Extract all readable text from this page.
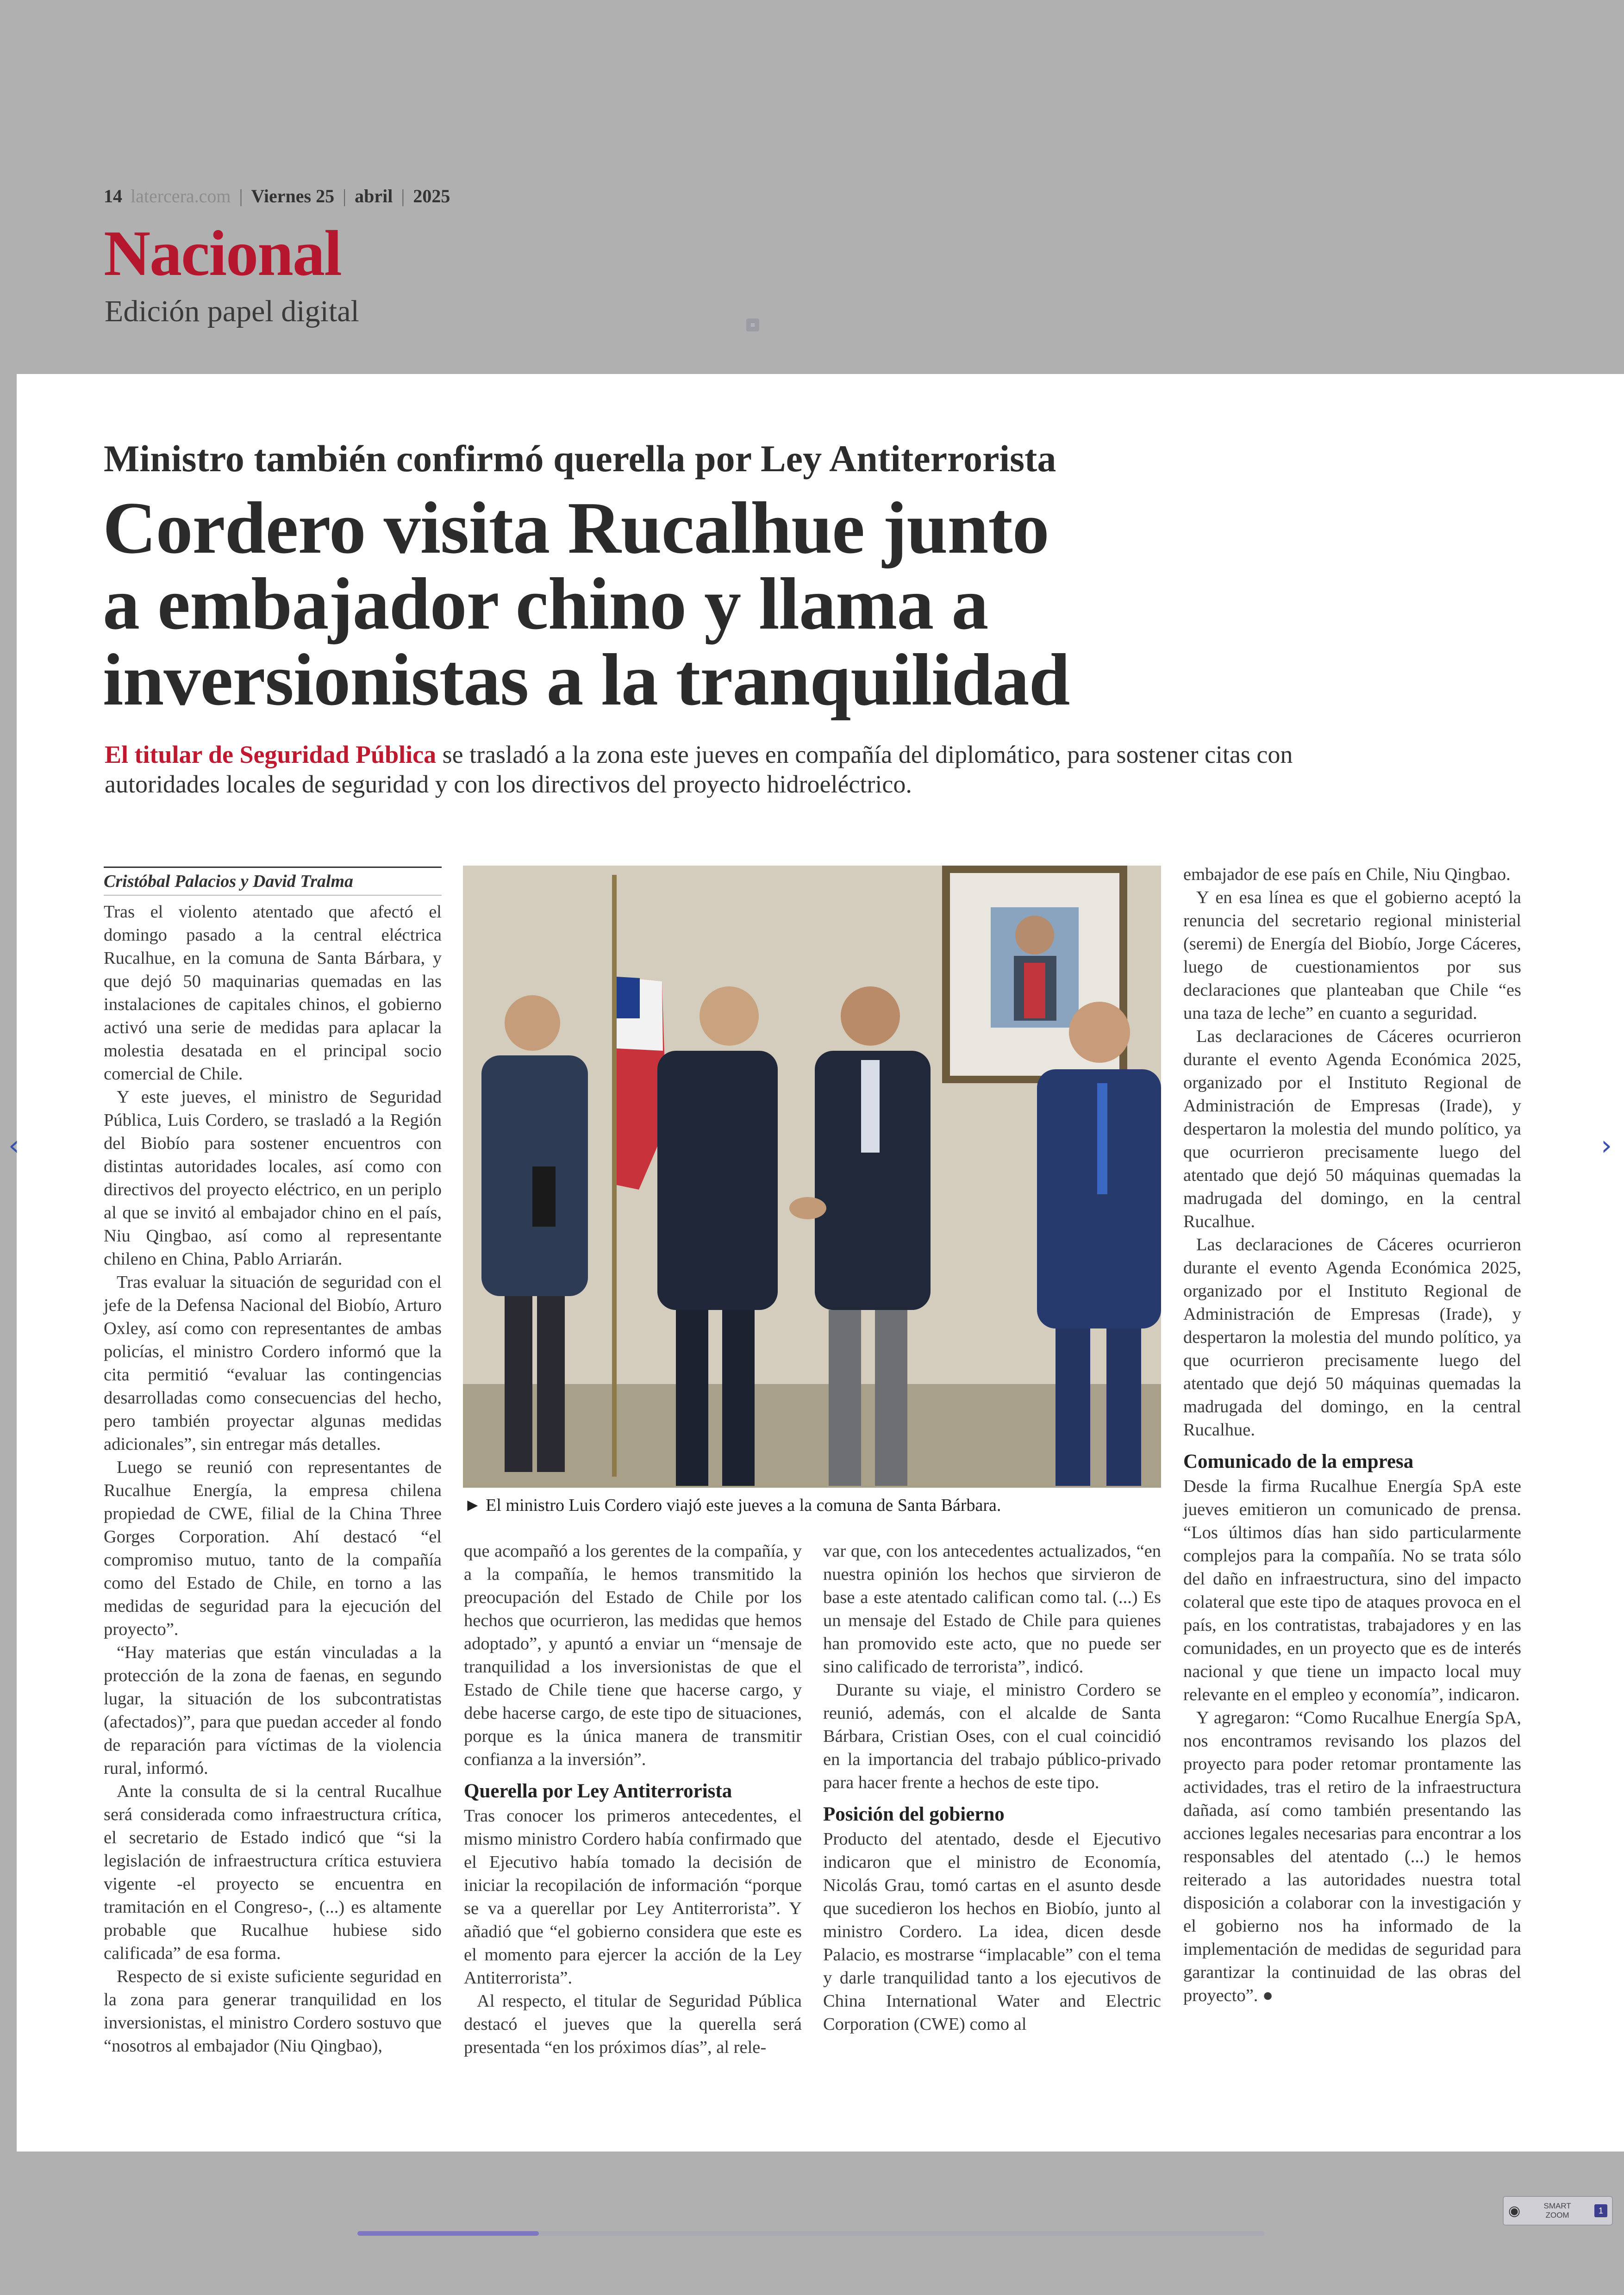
14 latercera.com | Viernes 25 | abril | 2025
Nacional
Edición papel digital	≡
Ministro también confirmó querella por Ley Antiterrorista
Cordero visita Rucalhue junto
a embajador chino y llama a
inversionistas a la tranquilidad
El titular de Seguridad Pública se trasladó a la zona este jueves en compañía del diplomático, para sostener citas con autoridades locales de seguridad y con los directivos del proyecto hidroeléctrico.
Cristóbal Palacios y David Tralma

Tras el violento atentado que afectó el domingo pasado a la central eléctrica Rucalhue, en la comuna de Santa Bárbara, y que dejó 50 maquinarias quemadas en las instalaciones de capitales chinos, el gobierno activó una serie de medidas para aplacar la molestia desatada en el principal socio comercial de Chile.

Y este jueves, el ministro de Seguridad Pública, Luis Cordero, se trasladó a la Región del Biobío para sostener encuentros con distintas autoridades locales, así como con directivos del proyecto eléctrico, en un periplo al que se invitó al embajador chino en el país, Niu Qingbao, así como al representante chileno en China, Pablo Arriarán.

Tras evaluar la situación de seguridad con el jefe de la Defensa Nacional del Biobío, Arturo Oxley, así como con representantes de ambas policías, el ministro Cordero informó que la cita permitió “evaluar las contingencias desarrolladas como consecuencias del hecho, pero también proyectar algunas medidas adicionales”, sin entregar más detalles.

Luego se reunió con representantes de Rucalhue Energía, la empresa chilena propiedad de CWE, filial de la China Three Gorges Corporation. Ahí destacó “el compromiso mutuo, tanto de la compañía como del Estado de Chile, en torno a las medidas de seguridad para la ejecución del proyecto”.

“Hay materias que están vinculadas a la protección de la zona de faenas, en segundo lugar, la situación de los subcontratistas (afectados)”, para que puedan acceder al fondo de reparación para víctimas de la violencia rural, informó.

Ante la consulta de si la central Rucalhue será considerada como infraestructura crítica, el secretario de Estado indicó que “si la legislación de infraestructura crítica estuviera vigente -el proyecto se encuentra en tramitación en el Congreso-, (...) es altamente probable que Rucalhue hubiese sido calificada” de esa forma.

Respecto de si existe suficiente seguridad en la zona para generar tranquilidad en los inversionistas, el ministro Cordero sostuvo que “nosotros al embajador (Niu Qingbao),

► El ministro Luis Cordero viajó este jueves a la comuna de Santa Bárbara.

que acompañó a los gerentes de la compañía, y a la compañía, le hemos transmitido la preocupación del Estado de Chile por los hechos que ocurrieron, las medidas que hemos adoptado”, y apuntó a enviar un “mensaje de tranquilidad a los inversionistas de que el Estado de Chile tiene que hacerse cargo, y debe hacerse cargo, de este tipo de situaciones, porque es la única manera de transmitir confianza a la inversión”.

Querella por Ley Antiterrorista

Tras conocer los primeros antecedentes, el mismo ministro Cordero había confirmado que el Ejecutivo había tomado la decisión de iniciar la recopilación de información “porque se va a querellar por Ley Antiterrorista”. Y añadió que “el gobierno considera que este es el momento para ejercer la acción de la Ley Antiterrorista”.

Al respecto, el titular de Seguridad Pública destacó el jueves que la querella será presentada “en los próximos días”, al rele-

var que, con los antecedentes actualizados, “en nuestra opinión los hechos que sirvieron de base a este atentado califican como tal. (...) Es un mensaje del Estado de Chile para quienes han promovido este acto, que no puede ser sino calificado de terrorista”, indicó.

Durante su viaje, el ministro Cordero se reunió, además, con el alcalde de Santa Bárbara, Cristian Oses, con el cual coincidió en la importancia del trabajo público-privado para hacer frente a hechos de este tipo.

Posición del gobierno

Producto del atentado, desde el Ejecutivo indicaron que el ministro de Economía, Nicolás Grau, tomó cartas en el asunto desde que sucedieron los hechos en Biobío, junto al ministro Cordero. La idea, dicen desde Palacio, es mostrarse “implacable” con el tema y darle tranquilidad tanto a los ejecutivos de China International Water and Electric Corporation (CWE) como al

embajador de ese país en Chile, Niu Qingbao.

Y en esa línea es que el gobierno aceptó la renuncia del secretario regional ministerial (seremi) de Energía del Biobío, Jorge Cáceres, luego de cuestionamientos por sus declaraciones que planteaban que Chile “es una taza de leche” en cuanto a seguridad.

Las declaraciones de Cáceres ocurrieron durante el evento Agenda Económica 2025, organizado por el Instituto Regional de Administración de Empresas (Irade), y despertaron la molestia del mundo político, ya que ocurrieron precisamente luego del atentado que dejó 50 máquinas quemadas la madrugada del domingo, en la central Rucalhue.

Las declaraciones de Cáceres ocurrieron durante el evento Agenda Económica 2025, organizado por el Instituto Regional de Administración de Empresas (Irade), y despertaron la molestia del mundo político, ya que ocurrieron precisamente luego del atentado que dejó 50 máquinas quemadas la madrugada del domingo, en la central Rucalhue.

Comunicado de la empresa

Desde la firma Rucalhue Energía SpA este jueves emitieron un comunicado de prensa. “Los últimos días han sido particularmente complejos para la compañía. No se trata sólo del daño en infraestructura, sino del impacto colateral que este tipo de ataques provoca en el país, en los contratistas, trabajadores y en las comunidades, en un proyecto que es de interés nacional y que tiene un impacto local muy relevante en el empleo y economía”, indicaron.

Y agregaron: “Como Rucalhue Energía SpA, nos encontramos revisando los plazos del proyecto para poder retomar prontamente las actividades, tras el retiro de la infraestructura dañada, así como también presentando las acciones legales necesarias para encontrar a los responsables del atentado (...) le hemos reiterado a las autoridades nuestra total disposición a colaborar con la investigación y el gobierno nos ha informado de la implementación de medidas de seguridad para garantizar la continuidad de las obras del proyecto”. ●

‹	›
◉	SMART
ZOOM	1
